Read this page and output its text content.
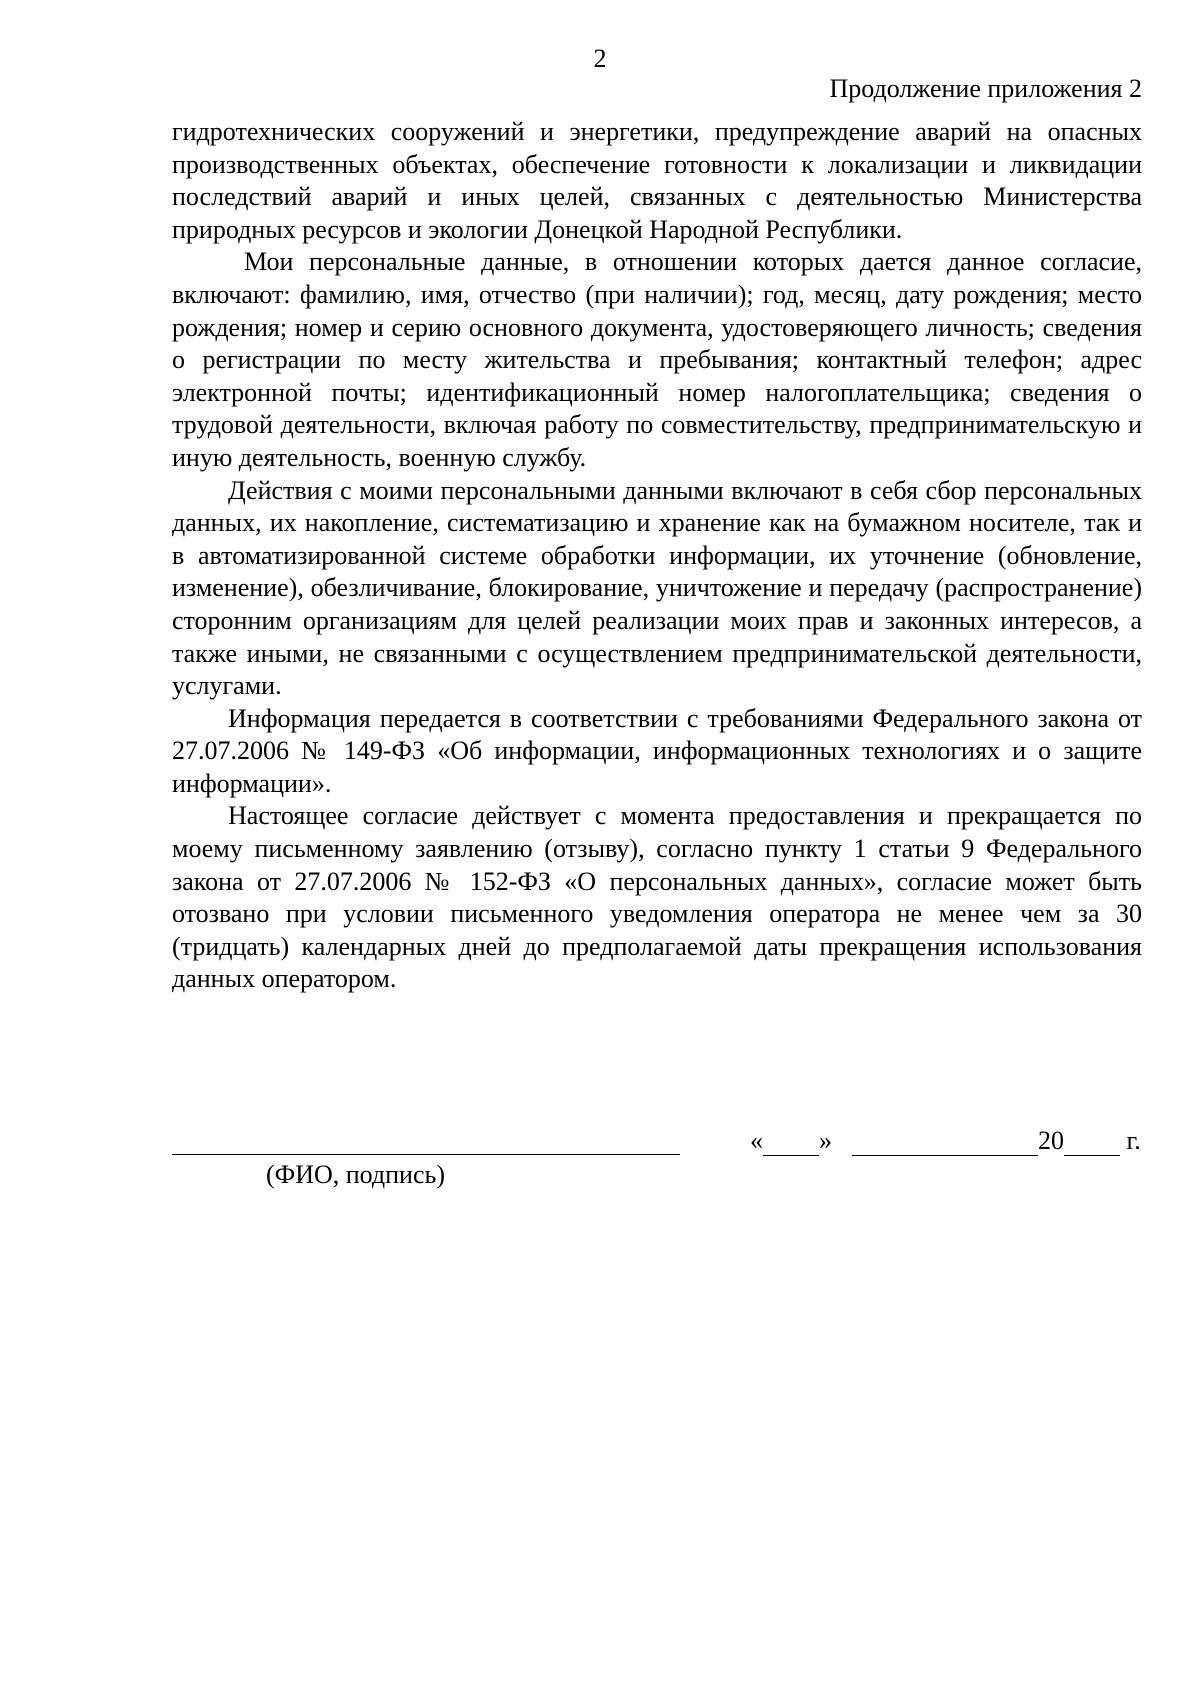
2
Продолжение приложения 2

гидротехнических сооружений и энергетики, предупреждение аварий на опасных производственных объектах, обеспечение готовности к локализации и ликвидации последствий аварий и иных целей, связанных с деятельностью Министерства природных ресурсов и экологии Донецкой Народной Республики.

Мои персональные данные, в отношении которых дается данное согласие, включают: фамилию, имя, отчество (при наличии); год, месяц, дату рождения; место рождения; номер и серию основного документа, удостоверяющего личность; сведения о регистрации по месту жительства и пребывания; контактный телефон; адрес электронной почты; идентификационный номер налогоплательщика; сведения о трудовой деятельности, включая работу по совместительству, предпринимательскую и иную деятельность, военную службу.

Действия с моими персональными данными включают в себя сбор персональных данных, их накопление, систематизацию и хранение как на бумажном носителе, так и в автоматизированной системе обработки информации, их уточнение (обновление, изменение), обезличивание, блокирование, уничтожение и передачу (распространение) сторонним организациям для целей реализации моих прав и законных интересов, а также иными, не связанными с осуществлением предпринимательской деятельности, услугами.

Информация передается в соответствии с требованиями Федерального закона от 27.07.2006 № 149-ФЗ «Об информации, информационных технологиях и о защите информации».

Настоящее согласие действует с момента предоставления и прекращается по моему письменному заявлению (отзыву), согласно пункту 1 статьи 9 Федерального закона от 27.07.2006 № 152-ФЗ «О персональных данных», согласие может быть отозвано при условии письменного уведомления оператора не менее чем за 30 (тридцать) календарных дней до предполагаемой даты прекращения использования данных оператором.

(ФИО, подпись)
« »	20 г.
